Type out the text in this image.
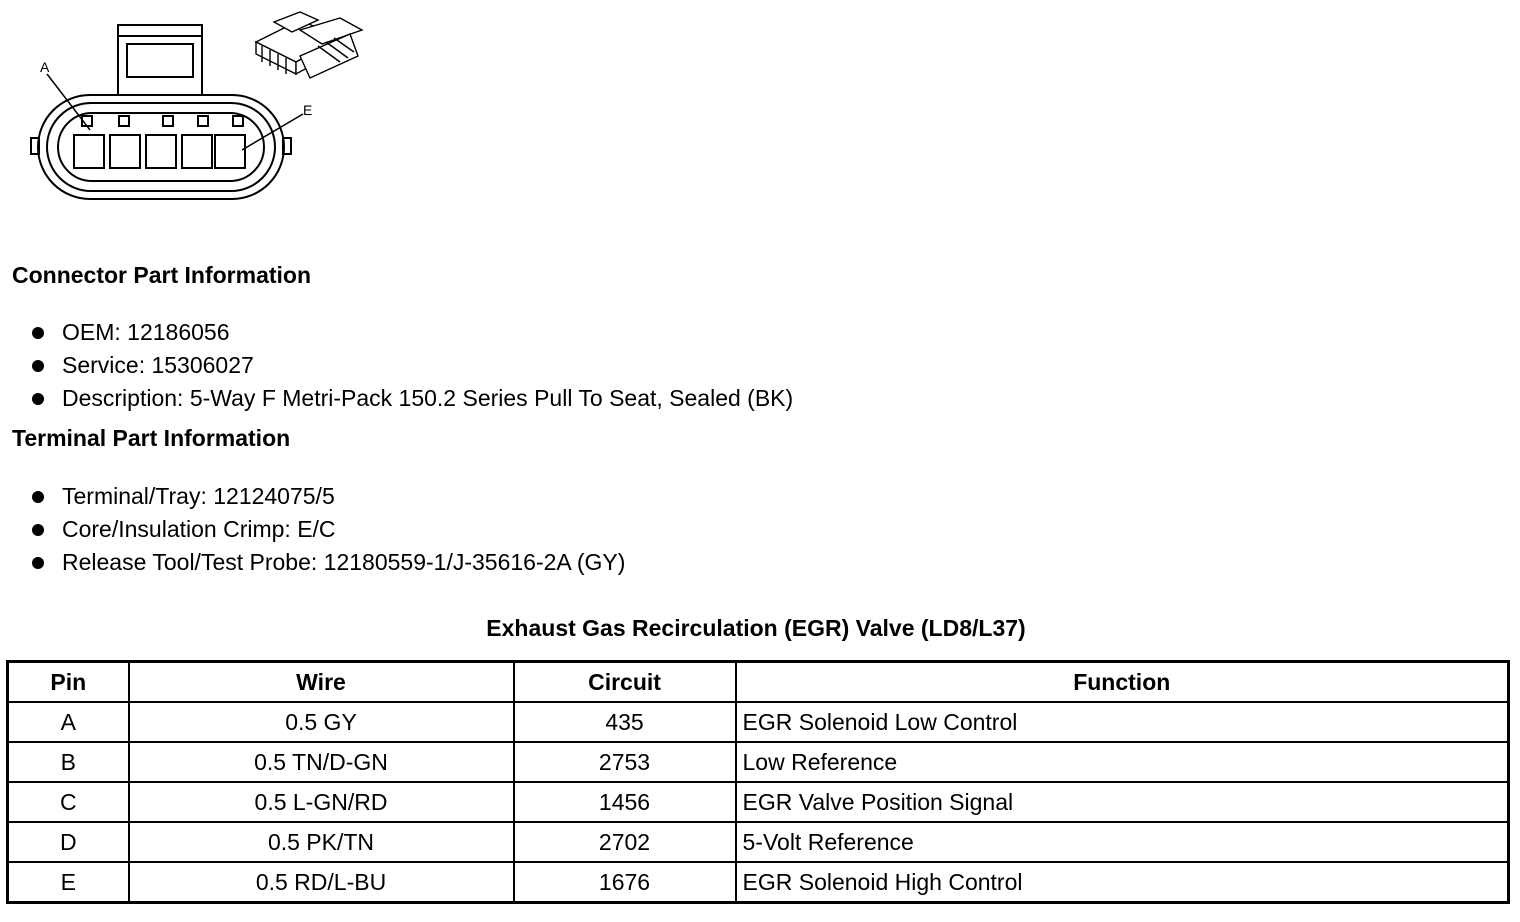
A
E
Connector Part Information
OEM: 12186056
Service: 15306027
Description: 5-Way F Metri-Pack 150.2 Series Pull To Seat, Sealed (BK)
Terminal Part Information
Terminal/Tray: 12124075/5
Core/Insulation Crimp: E/C
Release Tool/Test Probe: 12180559-1/J-35616-2A (GY)
Exhaust Gas Recirculation (EGR) Valve (LD8/L37)
Pin	Wire	Circuit	Function
A	0.5 GY	435	EGR Solenoid Low Control
B	0.5 TN/D-GN	2753	Low Reference
C	0.5 L-GN/RD	1456	EGR Valve Position Signal
D	0.5 PK/TN	2702	5-Volt Reference
E	0.5 RD/L-BU	1676	EGR Solenoid High Control
